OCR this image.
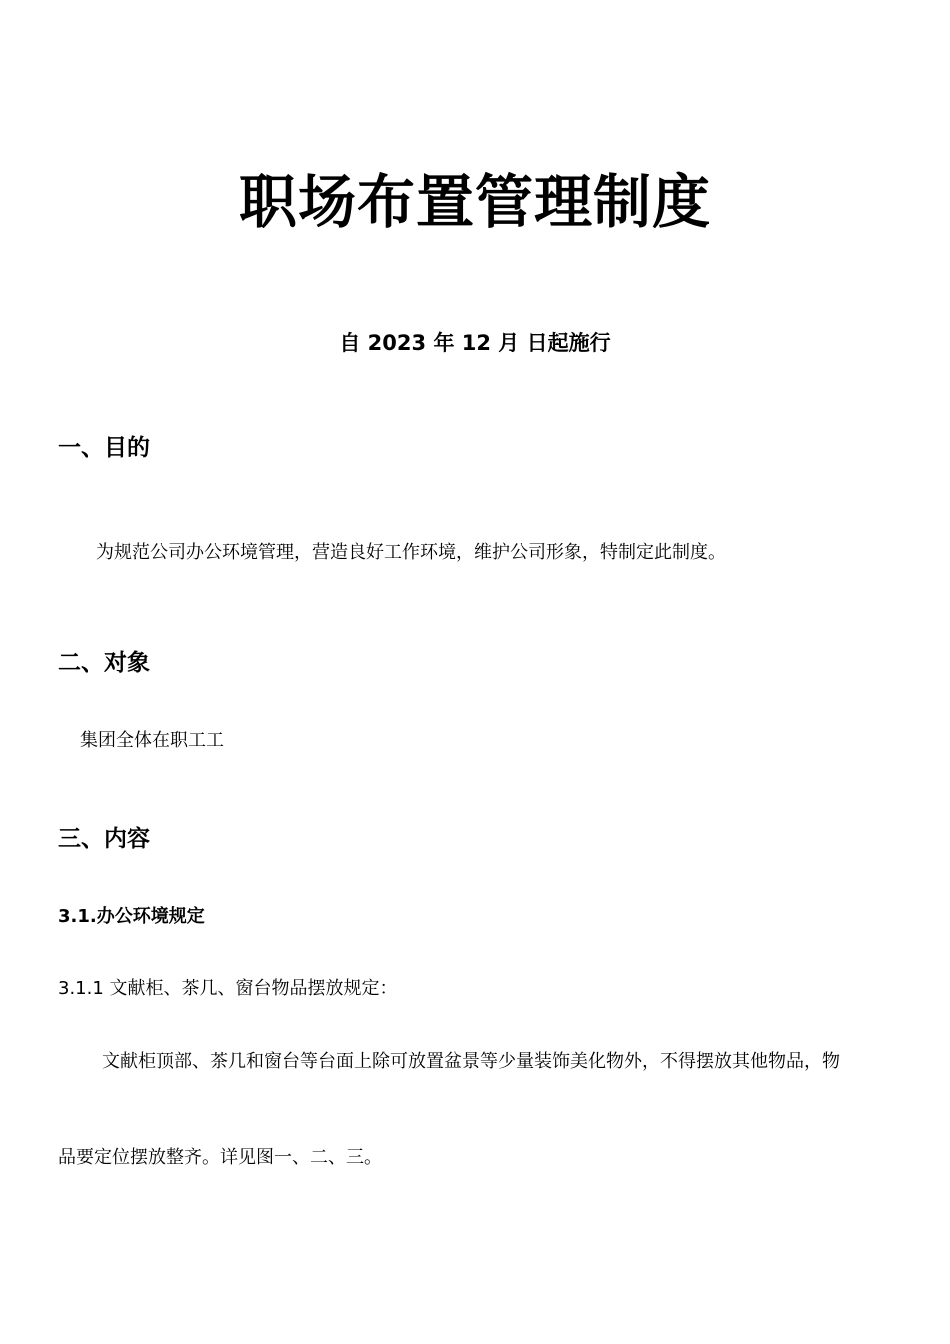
职场布置管理制度
自 2023 年 12 月 日起施行
一、目的
为规范公司办公环境管理，营造良好工作环境，维护公司形象，特制定此制度。
二、对象
集团全体在职工工
三、内容
3.1.办公环境规定
3.1.1 文献柜、茶几、窗台物品摆放规定：
文献柜顶部、茶几和窗台等台面上除可放置盆景等少量装饰美化物外，不得摆放其他物品，物
品要定位摆放整齐。详见图一、二、三。
